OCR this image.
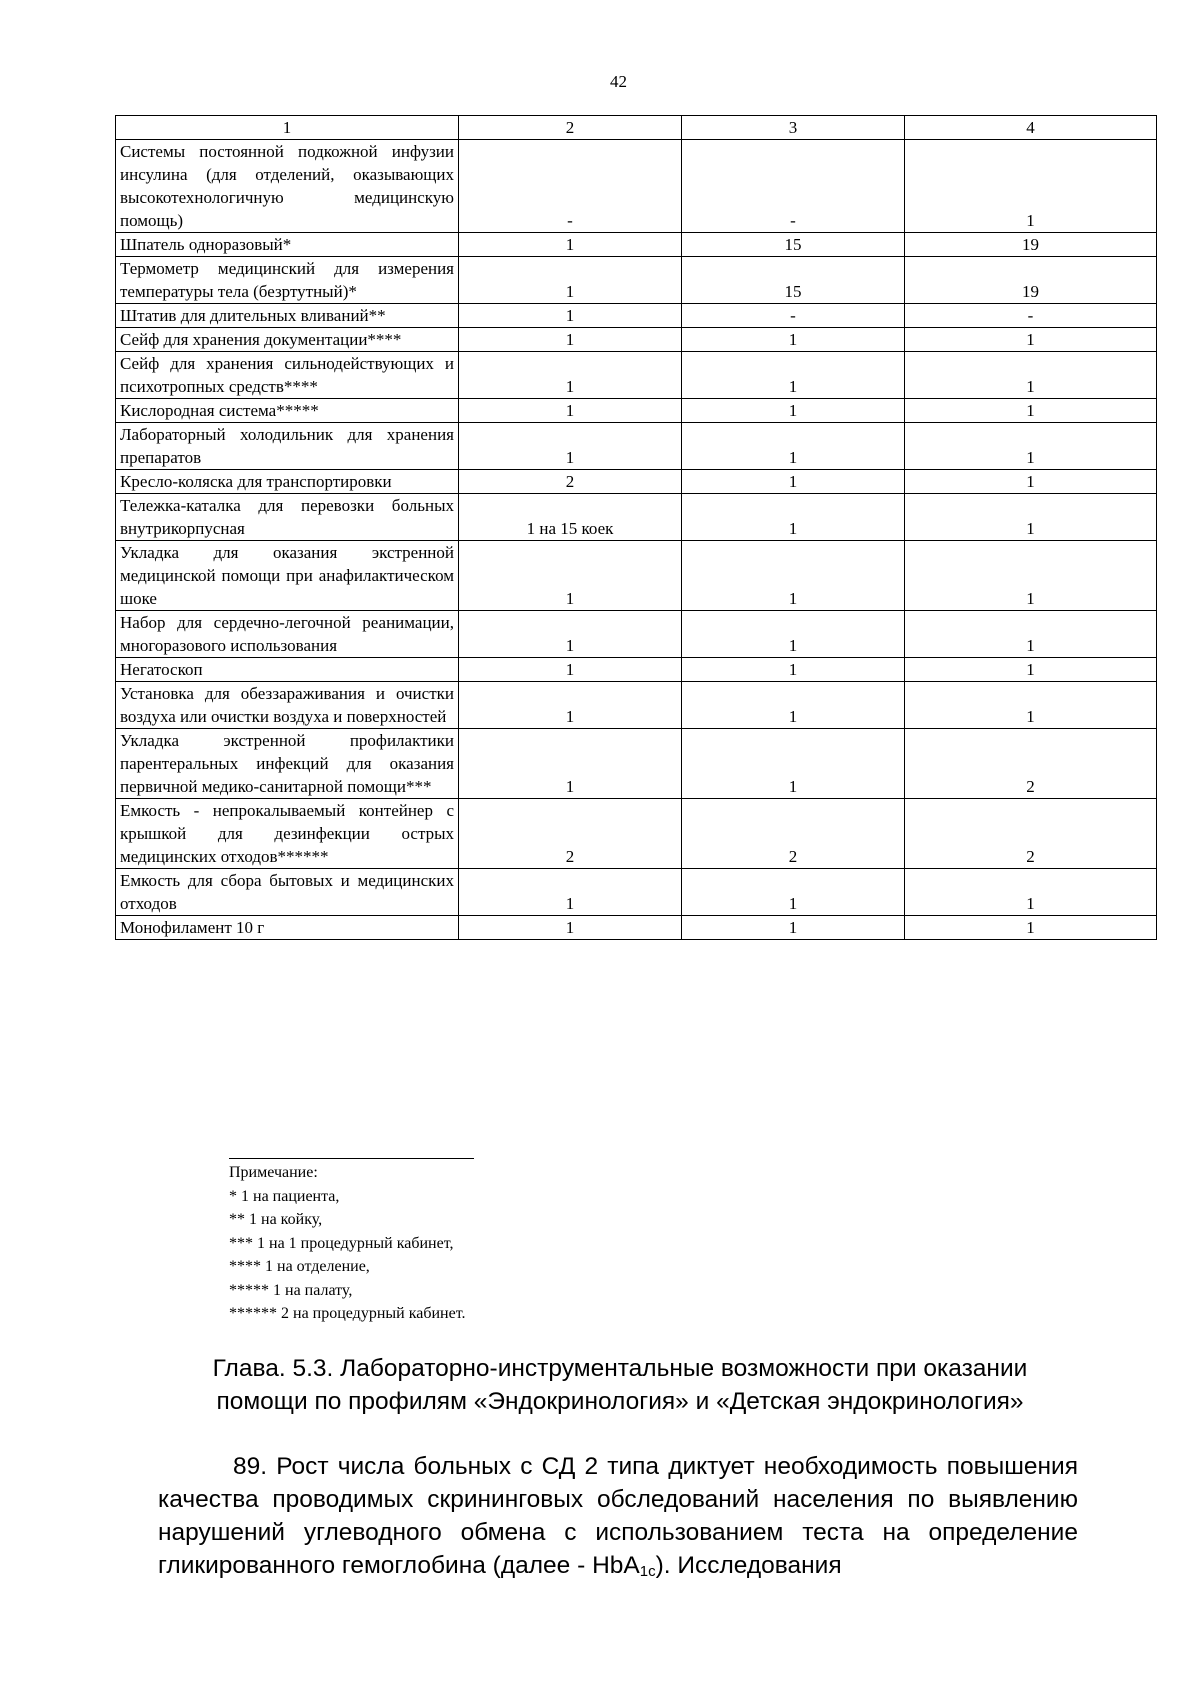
42
1	2	3	4
Системы постоянной подкожной инфузии инсулина (для отделений, оказывающих высокотехнологичную медицинскую помощь)	-	-	1
Шпатель одноразовый*	1	15	19
Термометр медицинский для измерения температуры тела (безртутный)*	1	15	19
Штатив для длительных вливаний**	1	-	-
Сейф для хранения документации****	1	1	1
Сейф для хранения сильнодействующих и психотропных средств****	1	1	1
Кислородная система*****	1	1	1
Лабораторный холодильник для хранения препаратов	1	1	1
Кресло-коляска для транспортировки	2	1	1
Тележка-каталка для перевозки больных внутрикорпусная	1 на 15 коек	1	1
Укладка для оказания экстренной медицинской помощи при анафилактическом шоке	1	1	1
Набор для сердечно-легочной реанимации, многоразового использования	1	1	1
Негатоскоп	1	1	1
Установка для обеззараживания и очистки воздуха или очистки воздуха и поверхностей	1	1	1
Укладка экстренной профилактики парентеральных инфекций для оказания первичной медико-санитарной помощи***	1	1	2
Емкость - непрокалываемый контейнер с крышкой для дезинфекции острых медицинских отходов******	2	2	2
Емкость для сбора бытовых и медицинских отходов	1	1	1
Монофиламент 10 г	1	1	1
Примечание:
* 1 на пациента,
** 1 на койку,
*** 1 на 1 процедурный кабинет,
**** 1 на отделение,
***** 1 на палату,
****** 2 на процедурный кабинет.
Глава. 5.3. Лабораторно-инструментальные возможности при оказании
помощи по профилям «Эндокринология» и «Детская эндокринология»
89. Рост числа больных с СД 2 типа диктует необходимость повышения качества проводимых скрининговых обследований населения по выявлению нарушений углеводного обмена с использованием теста на определение гликированного гемоглобина (далее - HbA$_{1c}$). Исследования
